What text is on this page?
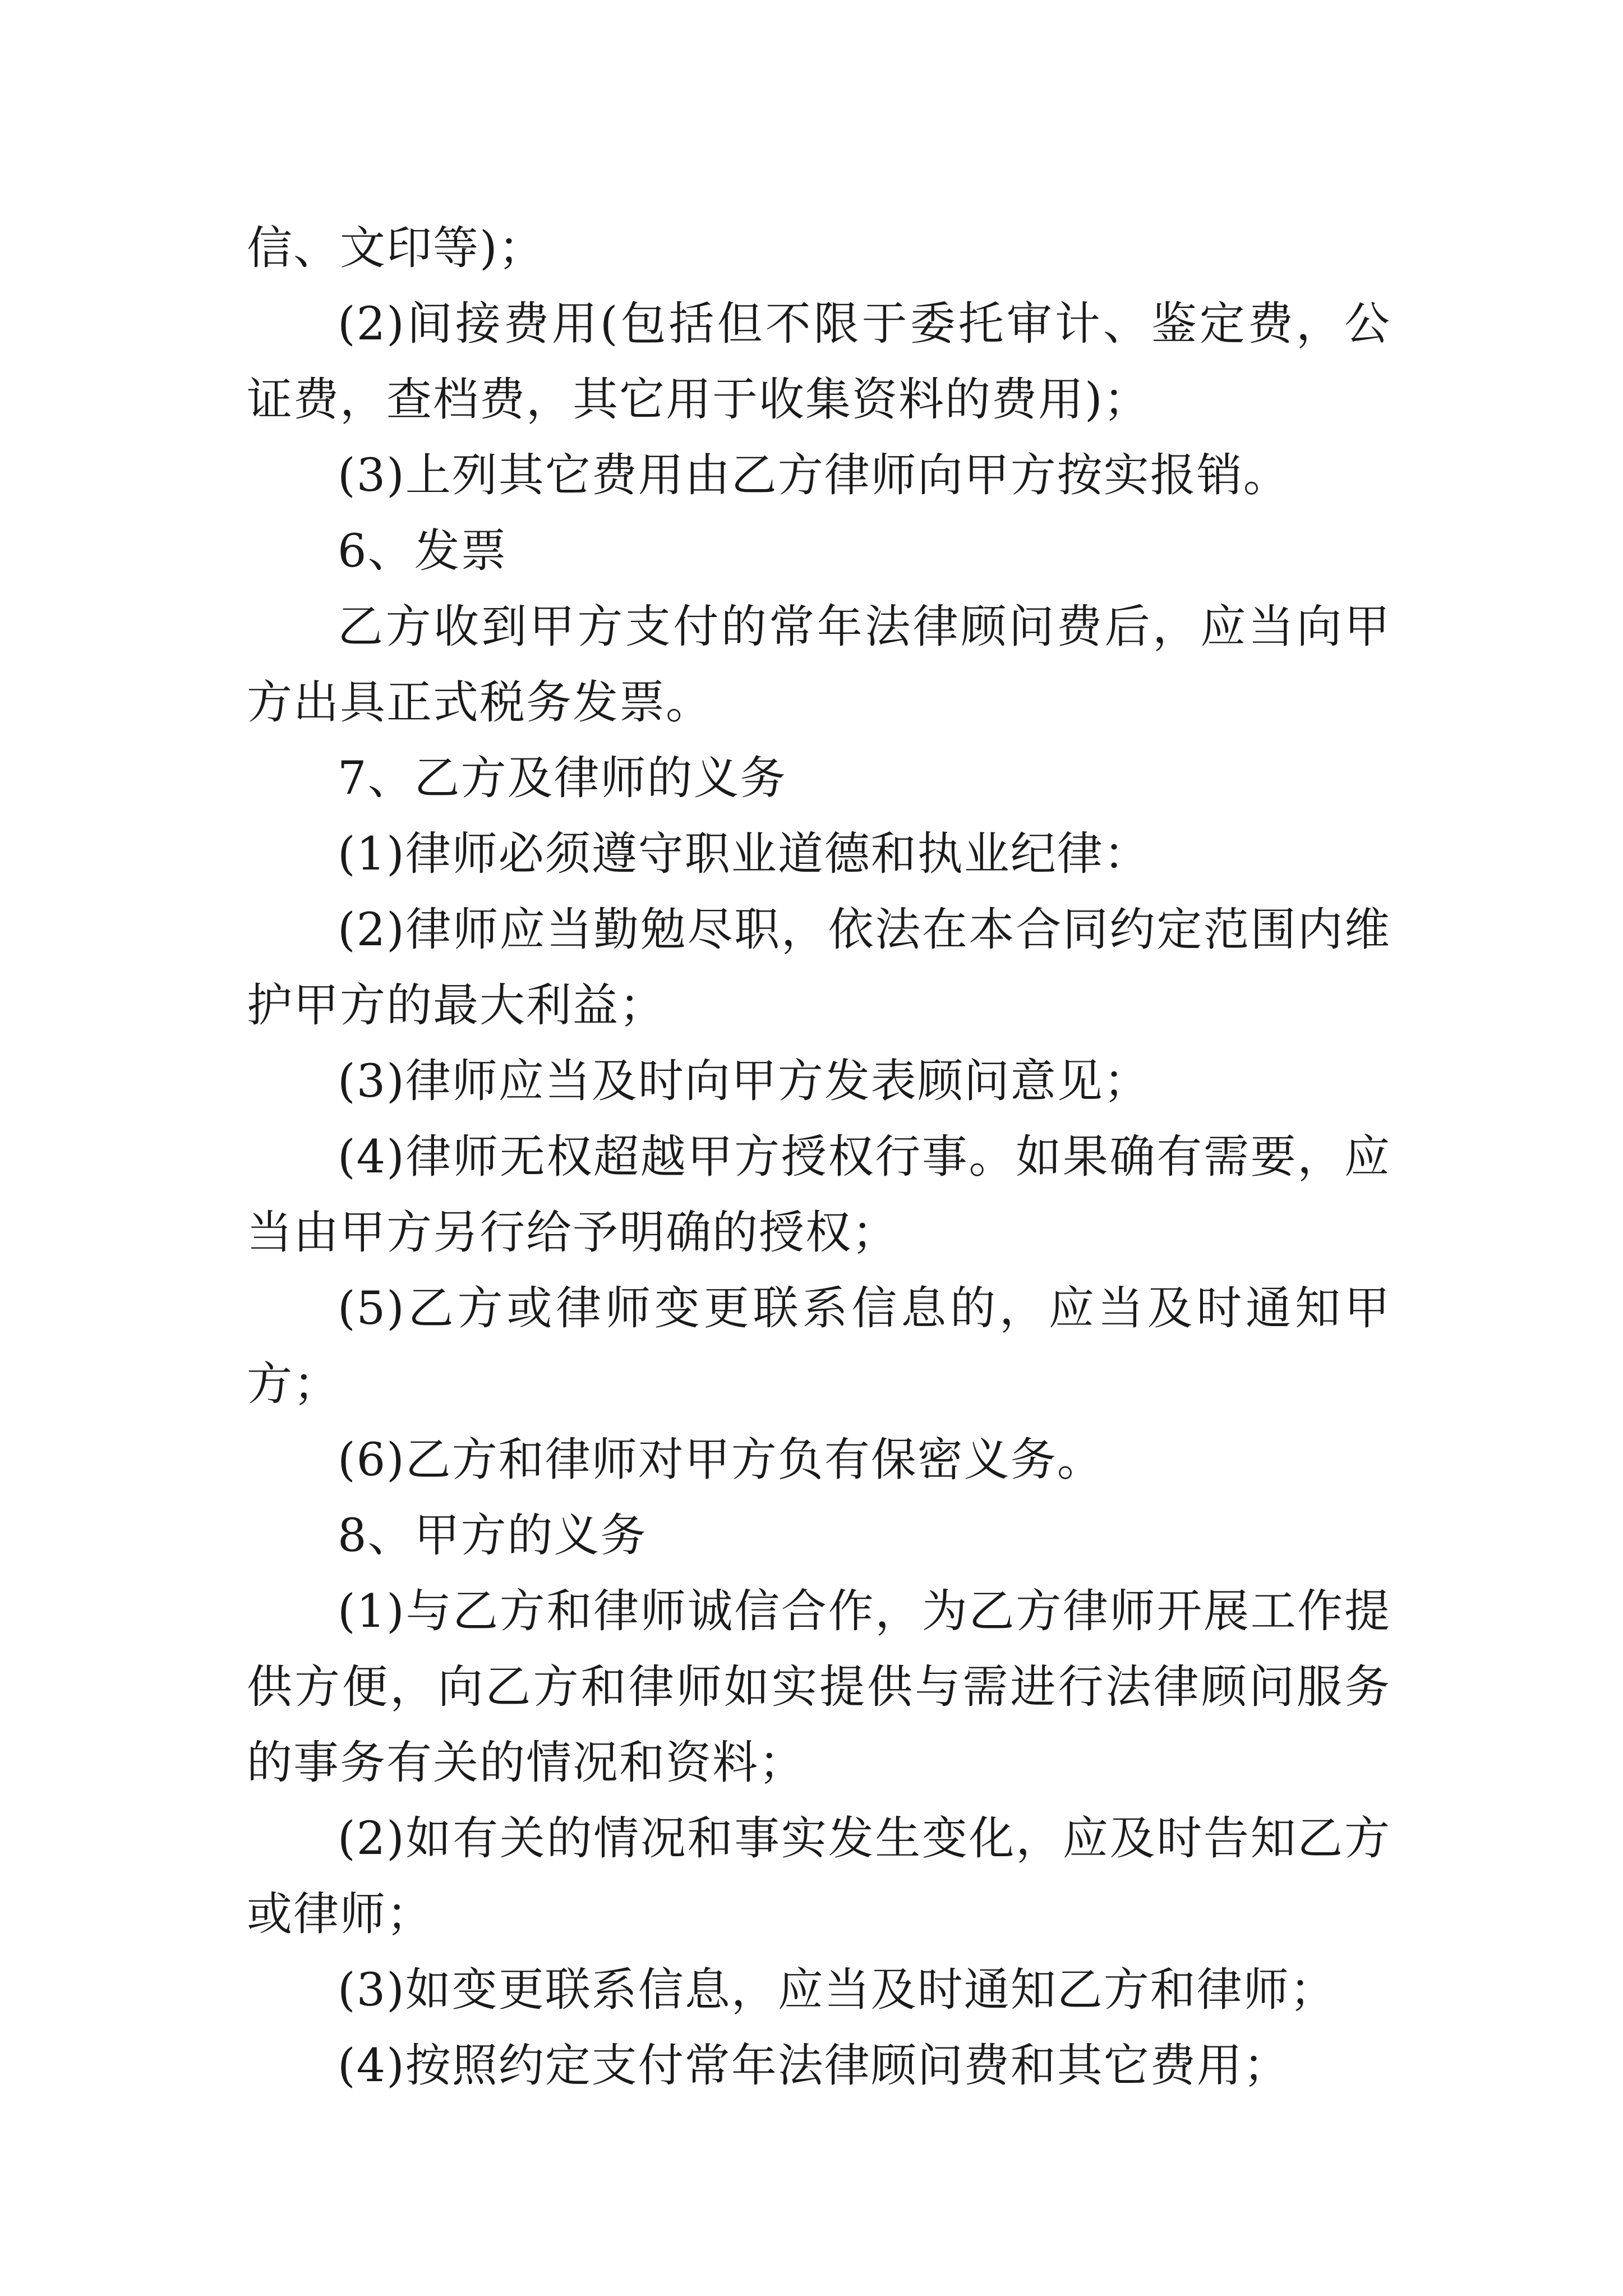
信、文印等)；

(2)间接费用(包括但不限于委托审计、鉴定费，公证费，查档费，其它用于收集资料的费用)；

(3)上列其它费用由乙方律师向甲方按实报销。

6、发票

乙方收到甲方支付的常年法律顾问费后，应当向甲方出具正式税务发票。

7、乙方及律师的义务

(1)律师必须遵守职业道德和执业纪律：

(2)律师应当勤勉尽职，依法在本合同约定范围内维护甲方的最大利益；

(3)律师应当及时向甲方发表顾问意见；

(4)律师无权超越甲方授权行事。如果确有需要，应当由甲方另行给予明确的授权；

(5)乙方或律师变更联系信息的，应当及时通知甲方；

(6)乙方和律师对甲方负有保密义务。

8、甲方的义务

(1)与乙方和律师诚信合作，为乙方律师开展工作提供方便，向乙方和律师如实提供与需进行法律顾问服务的事务有关的情况和资料；

(2)如有关的情况和事实发生变化，应及时告知乙方或律师；

(3)如变更联系信息，应当及时通知乙方和律师；

(4)按照约定支付常年法律顾问费和其它费用；
